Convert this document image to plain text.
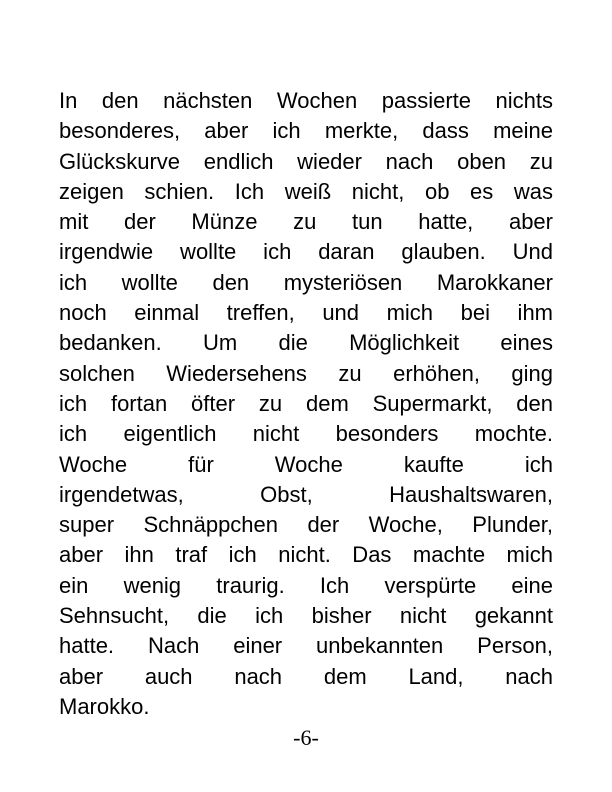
In den nächsten Wochen passierte nichts
besonderes, aber ich merkte, dass meine
Glückskurve endlich wieder nach oben zu
zeigen schien. Ich weiß nicht, ob es was
mit der Münze zu tun hatte, aber
irgendwie wollte ich daran glauben. Und
ich wollte den mysteriösen Marokkaner
noch einmal treffen, und mich bei ihm
bedanken. Um die Möglichkeit eines
solchen Wiedersehens zu erhöhen, ging
ich fortan öfter zu dem Supermarkt, den
ich eigentlich nicht besonders mochte.
Woche für Woche kaufte ich
irgendetwas, Obst, Haushaltswaren,
super Schnäppchen der Woche, Plunder,
aber ihn traf ich nicht. Das machte mich
ein wenig traurig. Ich verspürte eine
Sehnsucht, die ich bisher nicht gekannt
hatte. Nach einer unbekannten Person,
aber auch nach dem Land, nach
Marokko.

-6-
